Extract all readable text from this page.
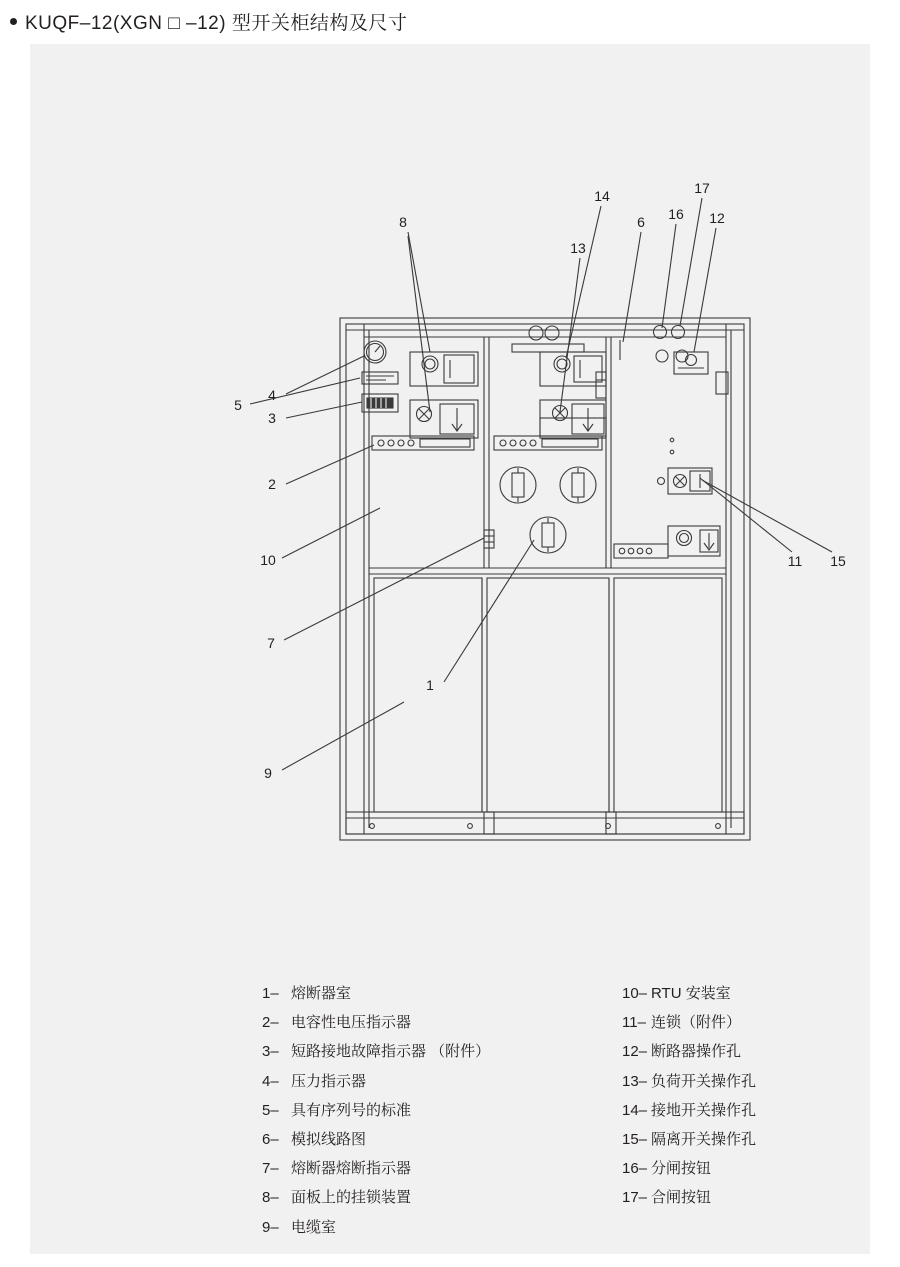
KUQF–12(XGN □ –12) 型开关柜结构及尺寸
8
14
13
6 16
17
12
4
5
3
2
10
7
1
9
11 15
1– 熔断器室
2– 电容性电压指示器
3– 短路接地故障指示器 （附件）
4– 压力指示器
5– 具有序列号的标准
6– 模拟线路图
7– 熔断器熔断指示器
8– 面板上的挂锁装置
9– 电缆室
10– RTU 安装室
11– 连锁（附件）
12– 断路器操作孔
13– 负荷开关操作孔
14– 接地开关操作孔
15– 隔离开关操作孔
16– 分闸按钮
17– 合闸按钮
